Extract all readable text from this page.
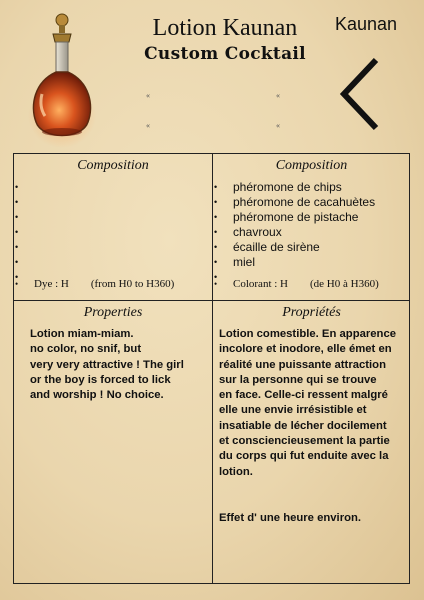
Lotion Kaunan
Custom Cocktail
Kaunan
«	«
«	«
Composition
•
•
•
•
•
•
•
• Dye : H (from H0 to H360)
Composition
• phéromone de chips
• phéromone de cacahuètes
• phéromone de pistache
• chavroux
• écaille de sirène
• miel
•
• Colorant : H (de H0 à H360)
Properties
Lotion miam-miam.
no color, no snif, but
very very attractive ! The girl
or the boy is forced to lick
and worship ! No choice.
Propriétés
Lotion comestible. En apparence
incolore et inodore, elle émet en
réalité une puissante attraction
sur la personne qui se trouve
en face. Celle-ci ressent malgré
elle une envie irrésistible et
insatiable de lécher docilement
et consciencieusement la partie
du corps qui fut enduite avec la
lotion.

Effet d' une heure environ.
